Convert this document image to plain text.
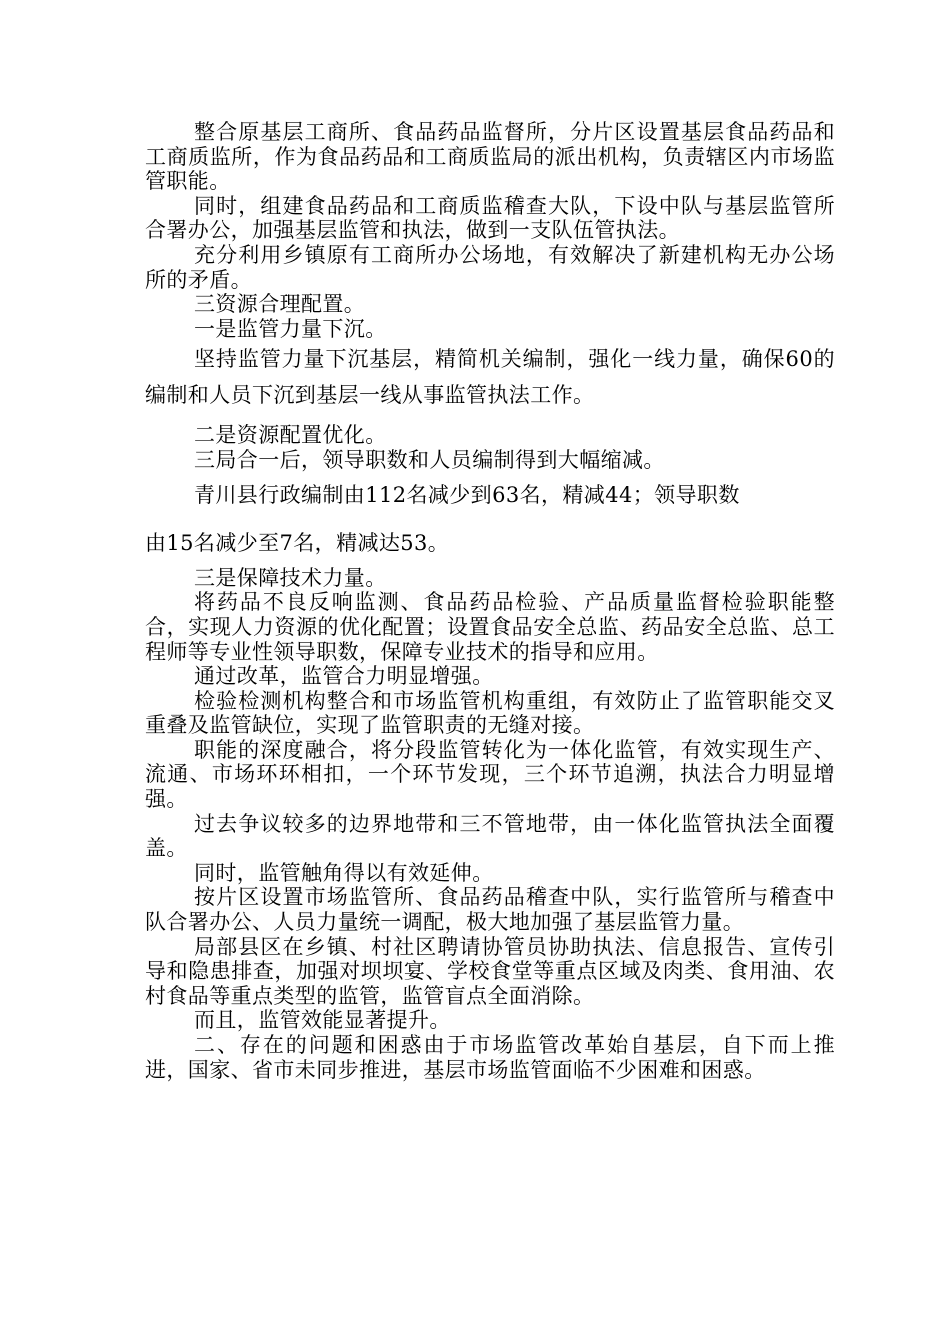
整合原基层工商所、食品药品监督所，分片区设置基层食品药品和工商质监所，作为食品药品和工商质监局的派出机构，负责辖区内市场监管职能。

同时，组建食品药品和工商质监稽查大队，下设中队与基层监管所合署办公，加强基层监管和执法，做到一支队伍管执法。

充分利用乡镇原有工商所办公场地，有效解决了新建机构无办公场所的矛盾。

三资源合理配置。

一是监管力量下沉。

坚持监管力量下沉基层，精简机关编制，强化一线力量，确保60的编制和人员下沉到基层一线从事监管执法工作。

二是资源配置优化。

三局合一后，领导职数和人员编制得到大幅缩减。

青川县行政编制由112名减少到63名，精减44；领导职数

由15名减少至7名，精减达53。

三是保障技术力量。

将药品不良反响监测、食品药品检验、产品质量监督检验职能整合，实现人力资源的优化配置；设置食品安全总监、药品安全总监、总工程师等专业性领导职数，保障专业技术的指导和应用。

通过改革，监管合力明显增强。

检验检测机构整合和市场监管机构重组，有效防止了监管职能交叉重叠及监管缺位，实现了监管职责的无缝对接。

职能的深度融合，将分段监管转化为一体化监管，有效实现生产、流通、市场环环相扣，一个环节发现，三个环节追溯，执法合力明显增强。

过去争议较多的边界地带和三不管地带，由一体化监管执法全面覆盖。

同时，监管触角得以有效延伸。

按片区设置市场监管所、食品药品稽查中队，实行监管所与稽查中队合署办公、人员力量统一调配，极大地加强了基层监管力量。

局部县区在乡镇、村社区聘请协管员协助执法、信息报告、宣传引导和隐患排查，加强对坝坝宴、学校食堂等重点区域及肉类、食用油、农村食品等重点类型的监管，监管盲点全面消除。

而且，监管效能显著提升。

二、存在的问题和困惑由于市场监管改革始自基层，自下而上推进，国家、省市未同步推进，基层市场监管面临不少困难和困惑。
